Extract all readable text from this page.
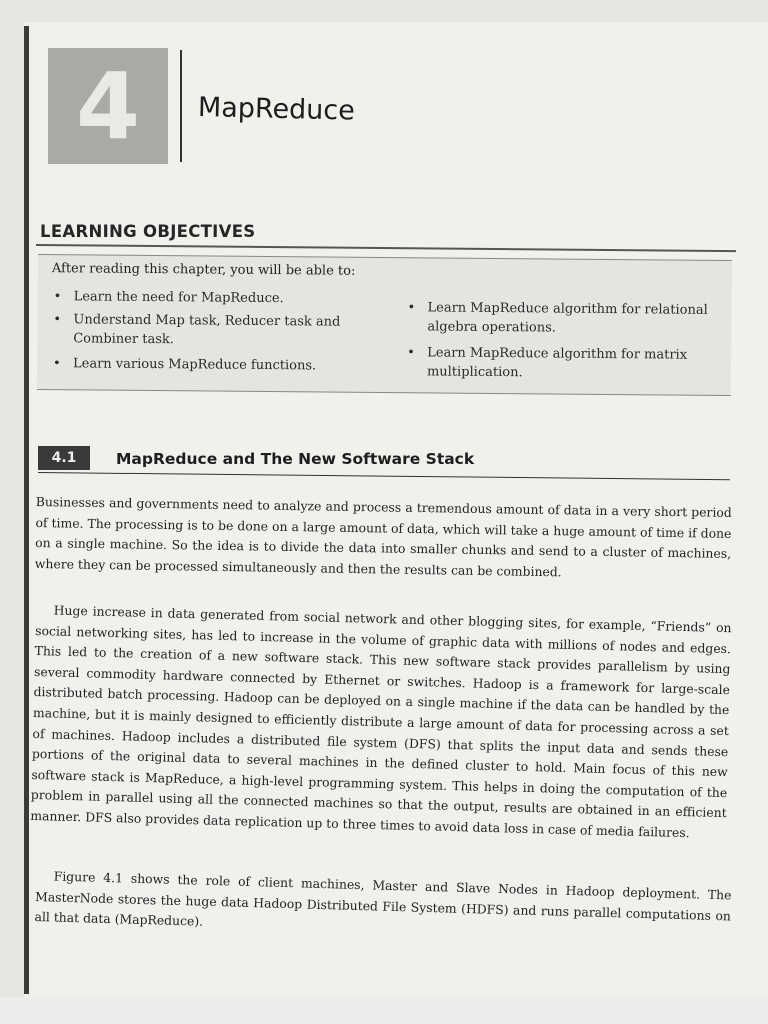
4 MapReduce
LEARNING OBJECTIVES
After reading this chapter, you will be able to:
• Learn the need for MapReduce.
• Understand Map task, Reducer task and Combiner task.
• Learn various MapReduce functions.
• Learn MapReduce algorithm for relational algebra operations.
• Learn MapReduce algorithm for matrix multiplication.
4.1	MapReduce and The New Software Stack
Businesses and governments need to analyze and process a tremendous amount of data in a very short period of time. The processing is to be done on a large amount of data, which will take a huge amount of time if done on a single machine. So the idea is to divide the data into smaller chunks and send to a cluster of machines, where they can be processed simultaneously and then the results can be combined.
Huge increase in data generated from social network and other blogging sites, for example, “Friends” on social networking sites, has led to increase in the volume of graphic data with millions of nodes and edges. This led to the creation of a new software stack. This new software stack provides parallelism by using several commodity hardware connected by Ethernet or switches. Hadoop is a framework for large-scale distributed batch processing. Hadoop can be deployed on a single machine if the data can be handled by the machine, but it is mainly designed to efficiently distribute a large amount of data for processing across a set of machines. Hadoop includes a distributed file system (DFS) that splits the input data and sends these portions of the original data to several machines in the defined cluster to hold. Main focus of this new software stack is MapReduce, a high-level programming system. This helps in doing the computation of the problem in parallel using all the connected machines so that the output, results are obtained in an efficient manner. DFS also provides data replication up to three times to avoid data loss in case of media failures.
Figure 4.1 shows the role of client machines, Master and Slave Nodes in Hadoop deployment. The MasterNode stores the huge data Hadoop Distributed File System (HDFS) and runs parallel computations on all that data (MapReduce).
